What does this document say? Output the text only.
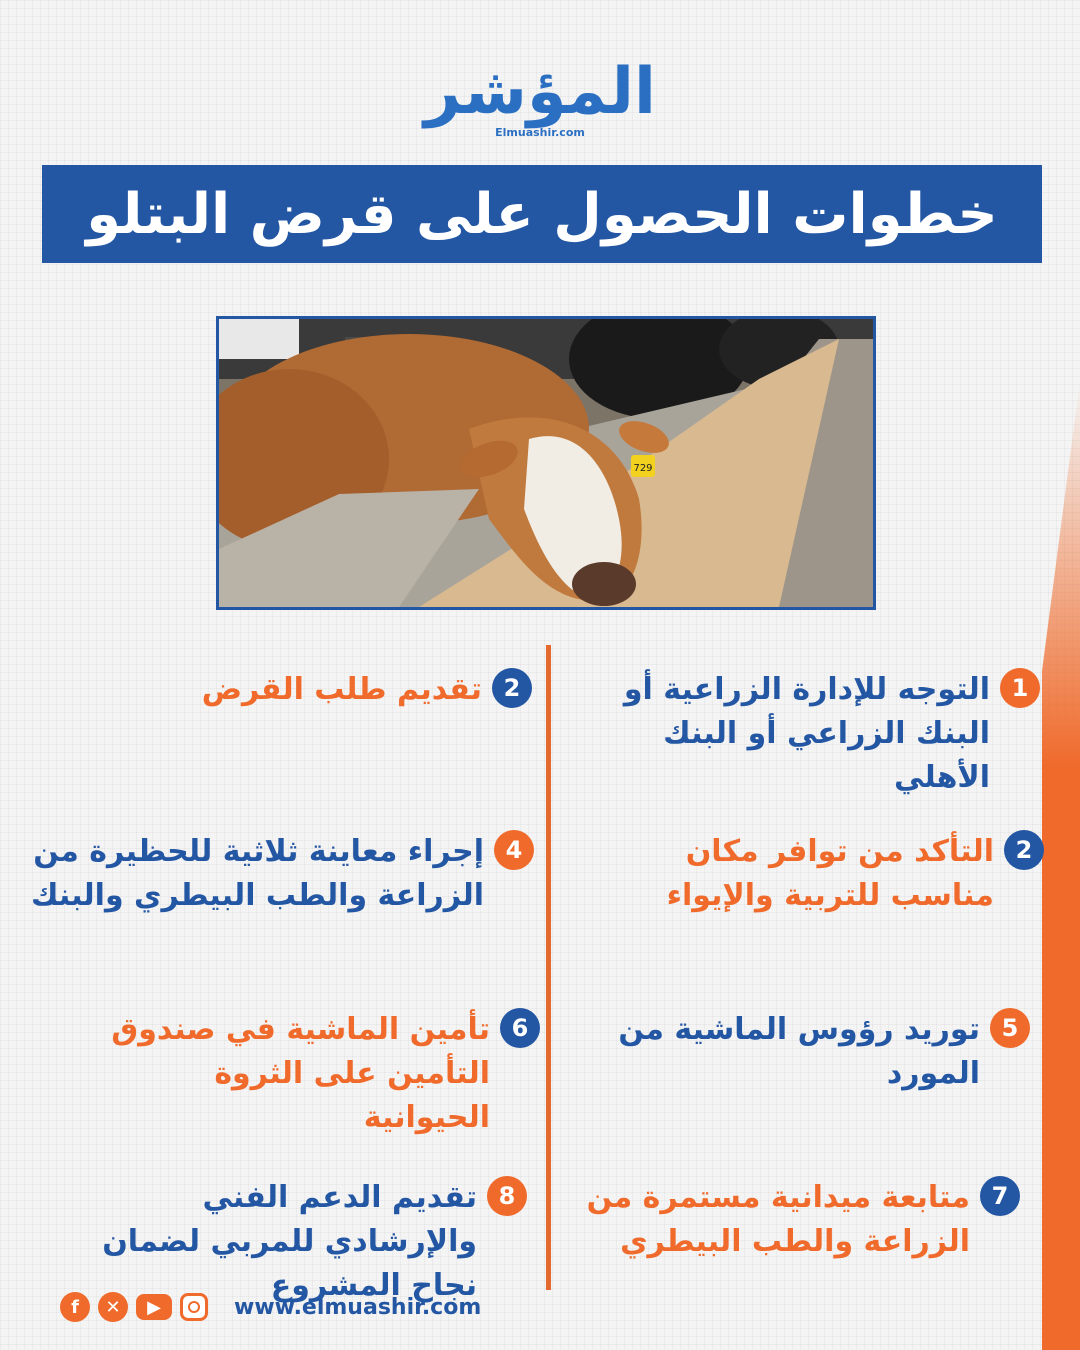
المؤشر
Elmuashir.com
خطوات الحصول على قرض البتلو
729
1
التوجه للإدارة الزراعية أو البنك الزراعي أو البنك الأهلي
2
تقديم طلب القرض
2
التأكد من توافر مكان مناسب للتربية والإيواء
4
إجراء معاينة ثلاثية للحظيرة من الزراعة والطب البيطري والبنك
5
توريد رؤوس الماشية من المورد
6
تأمين الماشية في صندوق التأمين على الثروة الحيوانية
7
متابعة ميدانية مستمرة من الزراعة والطب البيطري
8
تقديم الدعم الفني والإرشادي للمربي لضمان نجاح المشروع
f	✕	▶	www.elmuashir.com
